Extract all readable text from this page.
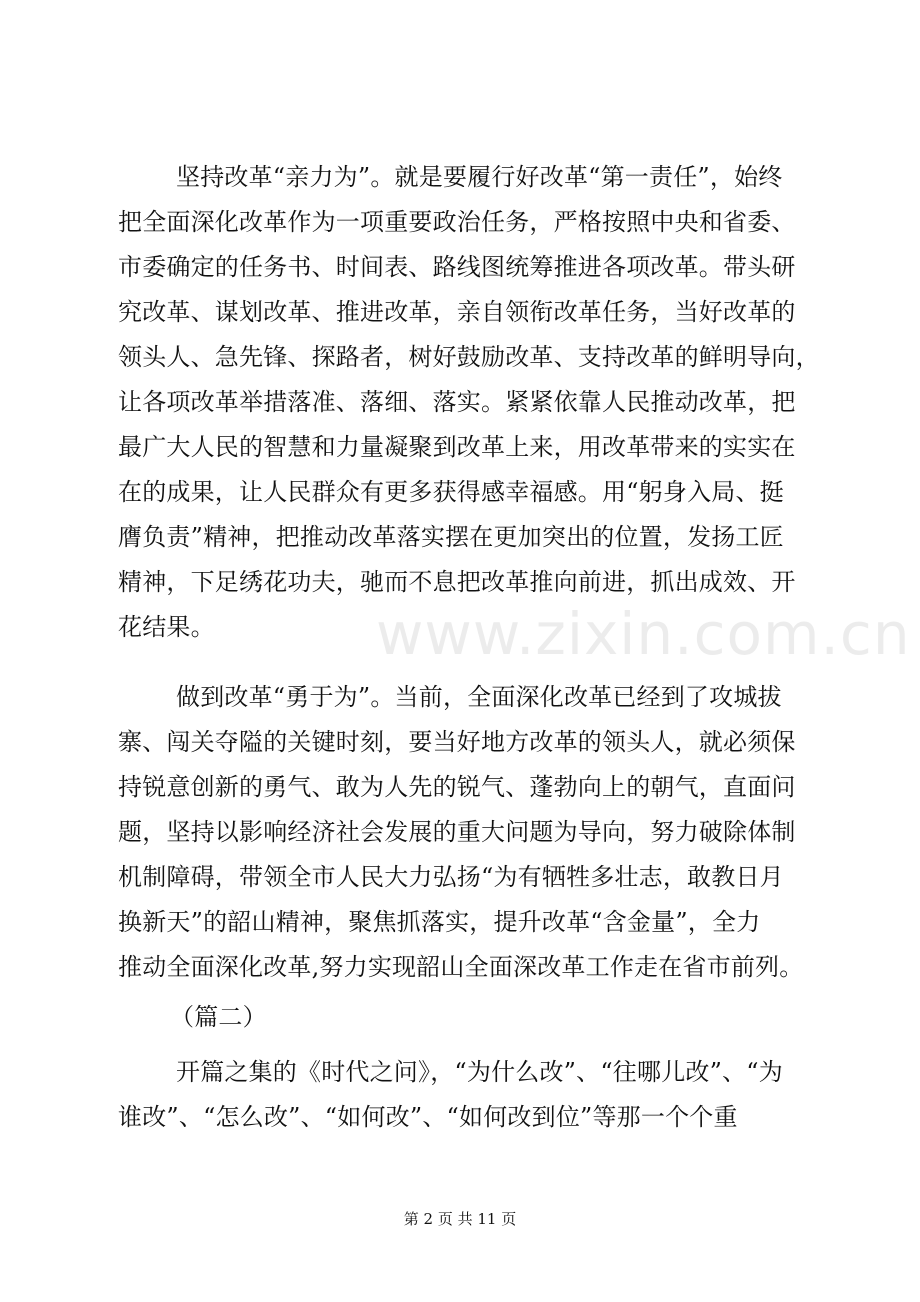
坚持改革“亲力为”。就是要履行好改革“第一责任”，始终
把全面深化改革作为一项重要政治任务，严格按照中央和省委、
市委确定的任务书、时间表、路线图统筹推进各项改革。带头研
究改革、谋划改革、推进改革，亲自领衔改革任务，当好改革的
领头人、急先锋、探路者，树好鼓励改革、支持改革的鲜明导向，
让各项改革举措落准、落细、落实。紧紧依靠人民推动改革，把
最广大人民的智慧和力量凝聚到改革上来，用改革带来的实实在
在的成果，让人民群众有更多获得感幸福感。用“躬身入局、挺
膺负责”精神，把推动改革落实摆在更加突出的位置，发扬工匠
精神，下足绣花功夫，驰而不息把改革推向前进，抓出成效、开
花结果。
做到改革“勇于为”。当前，全面深化改革已经到了攻城拔
寨、闯关夺隘的关键时刻，要当好地方改革的领头人，就必须保
持锐意创新的勇气、敢为人先的锐气、蓬勃向上的朝气，直面问
题，坚持以影响经济社会发展的重大问题为导向，努力破除体制
机制障碍，带领全市人民大力弘扬“为有牺牲多壮志，敢教日月
换新天”的韶山精神，聚焦抓落实，提升改革“含金量”，全力
推动全面深化改革,努力实现韶山全面深改革工作走在省市前列。
（篇二）
开篇之集的《时代之问》，“为什么改”、“往哪儿改”、“为
谁改”、“怎么改”、“如何改”、“如何改到位”等那一个个重
www.zixin.com.cn
第 2 页 共 11 页
